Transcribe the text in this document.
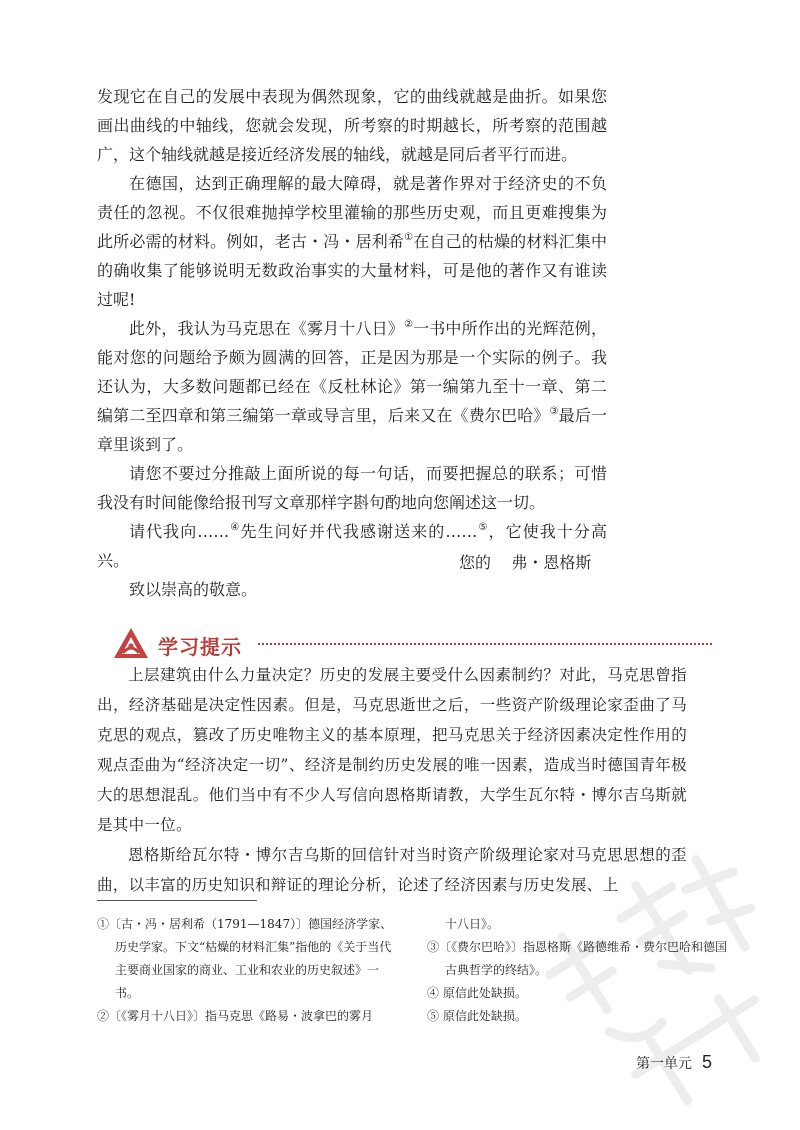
发现它在自己的发展中表现为偶然现象，它的曲线就越是曲折。如果您画出曲线的中轴线，您就会发现，所考察的时期越长，所考察的范围越广，这个轴线就越是接近经济发展的轴线，就越是同后者平行而进。

在德国，达到正确理解的最大障碍，就是著作界对于经济史的不负责任的忽视。不仅很难抛掉学校里灌输的那些历史观，而且更难搜集为此所必需的材料。例如，老古・冯・居利希①在自己的枯燥的材料汇集中的确收集了能够说明无数政治事实的大量材料，可是他的著作又有谁读过呢!

此外，我认为马克思在《雾月十八日》②一书中所作出的光辉范例，能对您的问题给予颇为圆满的回答，正是因为那是一个实际的例子。我还认为，大多数问题都已经在《反杜林论》第一编第九至十一章、第二编第二至四章和第三编第一章或导言里，后来又在《费尔巴哈》③最后一章里谈到了。

请您不要过分推敲上面所说的每一句话，而要把握总的联系；可惜我没有时间能像给报刊写文章那样字斟句酌地向您阐述这一切。

请代我向……④先生问好并代我感谢送来的……⑤，它使我十分高兴。

致以崇高的敬意。

您的    弗・恩格斯
学习提示

上层建筑由什么力量决定？历史的发展主要受什么因素制约？对此，马克思曾指出，经济基础是决定性因素。但是，马克思逝世之后，一些资产阶级理论家歪曲了马克思的观点，篡改了历史唯物主义的基本原理，把马克思关于经济因素决定性作用的观点歪曲为“经济决定一切”、经济是制约历史发展的唯一因素，造成当时德国青年极大的思想混乱。他们当中有不少人写信向恩格斯请教，大学生瓦尔特・博尔吉乌斯就是其中一位。

恩格斯给瓦尔特・博尔吉乌斯的回信针对当时资产阶级理论家对马克思思想的歪曲，以丰富的历史知识和辩证的理论分析，论述了经济因素与历史发展、上

①〔古・冯・居利希（1791—1847）〕德国经济学家、历史学家。下文“枯燥的材料汇集”指他的《关于当代主要商业国家的商业、工业和农业的历史叙述》一书。

②〔《雾月十八日》〕指马克思《路易・波拿巴的雾月

十八日》。

③〔《费尔巴哈》〕指恩格斯《路德维希・费尔巴哈和德国古典哲学的终结》。

④ 原信此处缺损。

⑤ 原信此处缺损。

第一单元 5
